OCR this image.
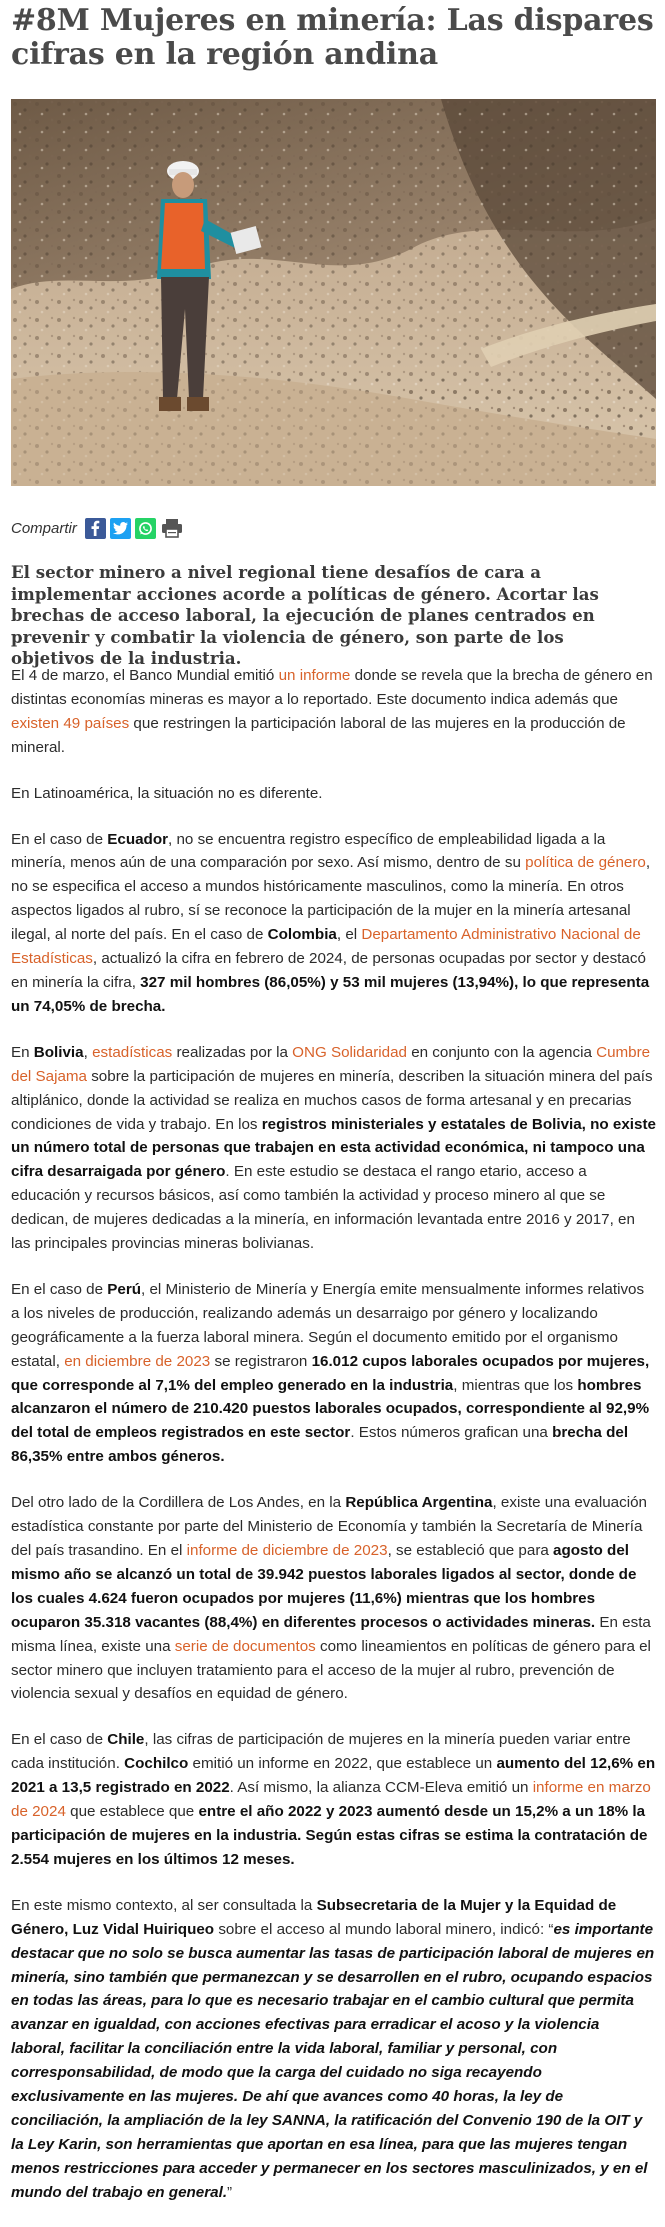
#8M Mujeres en minería: Las dispares cifras en la región andina
Compartir

El sector minero a nivel regional tiene desafíos de cara a implementar acciones acorde a políticas de género. Acortar las brechas de acceso laboral, la ejecución de planes centrados en prevenir y combatir la violencia de género, son parte de los objetivos de la industria.

El 4 de marzo, el Banco Mundial emitió un informe donde se revela que la brecha de género en distintas economías mineras es mayor a lo reportado. Este documento indica además que existen 49 países que restringen la participación laboral de las mujeres en la producción de mineral.

En Latinoamérica, la situación no es diferente.

En el caso de Ecuador, no se encuentra registro específico de empleabilidad ligada a la minería, menos aún de una comparación por sexo. Así mismo, dentro de su política de género, no se especifica el acceso a mundos históricamente masculinos, como la minería. En otros aspectos ligados al rubro, sí se reconoce la participación de la mujer en la minería artesanal ilegal, al norte del país. En el caso de Colombia, el Departamento Administrativo Nacional de Estadísticas, actualizó la cifra en febrero de 2024, de personas ocupadas por sector y destacó en minería la cifra, 327 mil hombres (86,05%) y 53 mil mujeres (13,94%), lo que representa un 74,05% de brecha.

En Bolivia, estadísticas realizadas por la ONG Solidaridad en conjunto con la agencia Cumbre del Sajama sobre la participación de mujeres en minería, describen la situación minera del país altiplánico, donde la actividad se realiza en muchos casos de forma artesanal y en precarias condiciones de vida y trabajo. En los registros ministeriales y estatales de Bolivia, no existe un número total de personas que trabajen en esta actividad económica, ni tampoco una cifra desarraigada por género. En este estudio se destaca el rango etario, acceso a educación y recursos básicos, así como también la actividad y proceso minero al que se dedican, de mujeres dedicadas a la minería, en información levantada entre 2016 y 2017, en las principales provincias mineras bolivianas.

En el caso de Perú, el Ministerio de Minería y Energía emite mensualmente informes relativos a los niveles de producción, realizando además un desarraigo por género y localizando geográficamente a la fuerza laboral minera. Según el documento emitido por el organismo estatal, en diciembre de 2023 se registraron 16.012 cupos laborales ocupados por mujeres, que corresponde al 7,1% del empleo generado en la industria, mientras que los hombres alcanzaron el número de 210.420 puestos laborales ocupados, correspondiente al 92,9% del total de empleos registrados en este sector. Estos números grafican una brecha del 86,35% entre ambos géneros.

Del otro lado de la Cordillera de Los Andes, en la República Argentina, existe una evaluación estadística constante por parte del Ministerio de Economía y también la Secretaría de Minería del país trasandino. En el informe de diciembre de 2023, se estableció que para agosto del mismo año se alcanzó un total de 39.942 puestos laborales ligados al sector, donde de los cuales 4.624 fueron ocupados por mujeres (11,6%) mientras que los hombres ocuparon 35.318 vacantes (88,4%) en diferentes procesos o actividades mineras. En esta misma línea, existe una serie de documentos como lineamientos en políticas de género para el sector minero que incluyen tratamiento para el acceso de la mujer al rubro, prevención de violencia sexual y desafíos en equidad de género.

En el caso de Chile, las cifras de participación de mujeres en la minería pueden variar entre cada institución. Cochilco emitió un informe en 2022, que establece un aumento del 12,6% en 2021 a 13,5 registrado en 2022. Así mismo, la alianza CCM-Eleva emitió un informe en marzo de 2024 que establece que entre el año 2022 y 2023 aumentó desde un 15,2% a un 18% la participación de mujeres en la industria. Según estas cifras se estima la contratación de 2.554 mujeres en los últimos 12 meses.

En este mismo contexto, al ser consultada la Subsecretaria de la Mujer y la Equidad de Género, Luz Vidal Huiriqueo sobre el acceso al mundo laboral minero, indicó: “es importante destacar que no solo se busca aumentar las tasas de participación laboral de mujeres en minería, sino también que permanezcan y se desarrollen en el rubro, ocupando espacios en todas las áreas, para lo que es necesario trabajar en el cambio cultural que permita avanzar en igualdad, con acciones efectivas para erradicar el acoso y la violencia laboral, facilitar la conciliación entre la vida laboral, familiar y personal, con corresponsabilidad, de modo que la carga del cuidado no siga recayendo exclusivamente en las mujeres. De ahí que avances como 40 horas, la ley de conciliación, la ampliación de la ley SANNA, la ratificación del Convenio 190 de la OIT y la Ley Karin, son herramientas que aportan en esa línea, para que las mujeres tengan menos restricciones para acceder y permanecer en los sectores masculinizados, y en el mundo del trabajo en general.”
